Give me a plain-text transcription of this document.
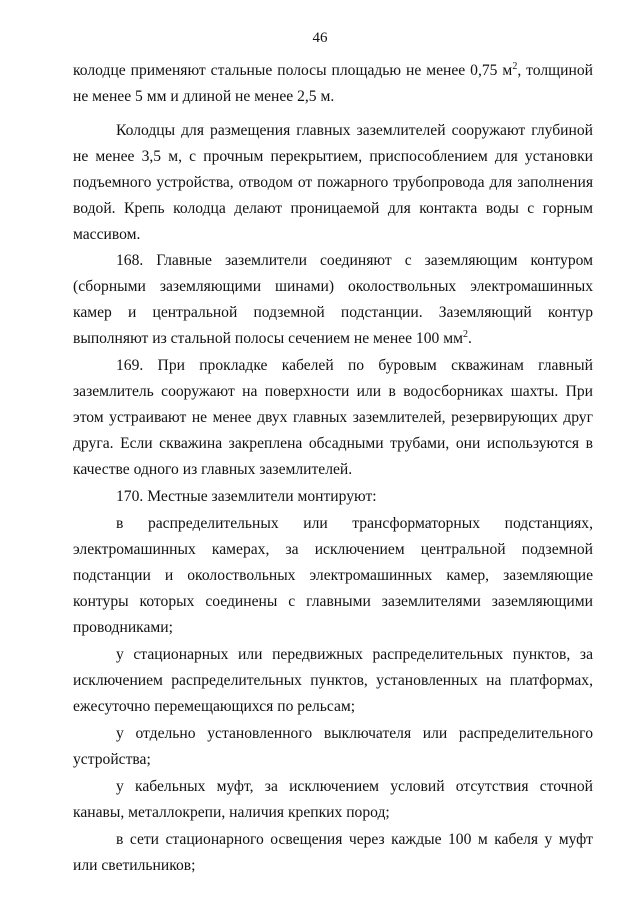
46

колодце применяют стальные полосы площадью не менее 0,75 $м^2$, толщиной не менее 5 мм и длиной не менее 2,5 м.

Колодцы для размещения главных заземлителей сооружают глубиной не менее 3,5 м, с прочным перекрытием, приспособлением для установки подъемного устройства, отводом от пожарного трубопровода для заполнения водой. Крепь колодца делают проницаемой для контакта воды с горным массивом.

168. Главные заземлители соединяют с заземляющим контуром (сборными заземляющими шинами) околоствольных электромашинных камер и центральной подземной подстанции. Заземляющий контур выполняют из стальной полосы сечением не менее 100 $мм^2$.

169. При прокладке кабелей по буровым скважинам главный заземлитель сооружают на поверхности или в водосборниках шахты. При этом устраивают не менее двух главных заземлителей, резервирующих друг друга. Если скважина закреплена обсадными трубами, они используются в качестве одного из главных заземлителей.

170. Местные заземлители монтируют:

в распределительных или трансформаторных подстанциях, электромашинных камерах, за исключением центральной подземной подстанции и околоствольных электромашинных камер, заземляющие контуры которых соединены с главными заземлителями заземляющими проводниками;

у стационарных или передвижных распределительных пунктов, за исключением распределительных пунктов, установленных на платформах, ежесуточно перемещающихся по рельсам;

у отдельно установленного выключателя или распределительного устройства;

у кабельных муфт, за исключением условий отсутствия сточной канавы, металлокрепи, наличия крепких пород;

в сети стационарного освещения через каждые 100 м кабеля у муфт или светильников;
